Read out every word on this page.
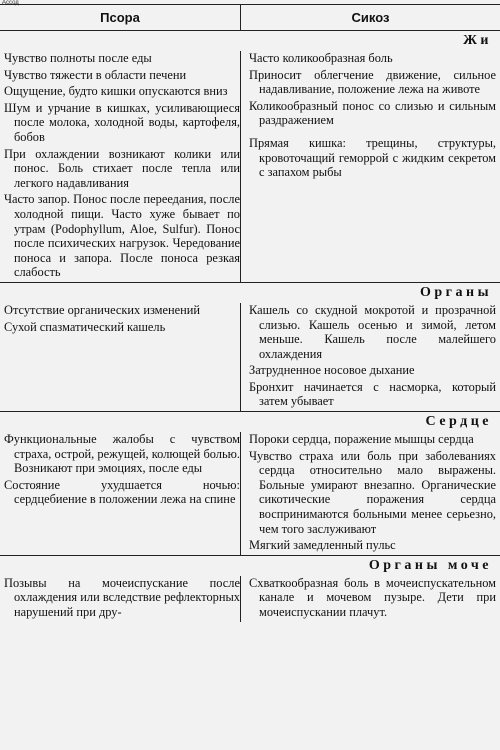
Ассод
Псора	Сикоз
Жи

Чувство полноты после еды

Чувство тяжести в области печени

Ощущение, будто кишки опускаются вниз

Шум и урчание в кишках, усиливающиеся после молока, холодной воды, картофеля, бобов

При охлаждении возникают колики или понос. Боль стихает после тепла или легкого надавливания

Часто запор. Понос после переедания, после холодной пищи. Часто хуже бывает по утрам (Podophyllum, Aloe, Sulfur). Понос после психических нагрузок. Чередование поноса и запора. После поноса резкая слабость

Часто коликообразная боль

Приносит облегчение движение, сильное надавливание, положение лежа на животе

Коликообразный понос со слизью и сильным раздражением

Прямая кишка: трещины, структуры, кровоточащий геморрой с жидким секретом с запахом рыбы

Органы

Отсутствие органических изменений

Сухой спазматический кашель

Кашель со скудной мокротой и прозрачной слизью. Кашель осенью и зимой, летом меньше. Кашель после малейшего охлаждения

Затрудненное носовое дыхание

Бронхит начинается с насморка, который затем убывает

Сердце

Функциональные жалобы с чувством страха, острой, режущей, колющей болью. Возникают при эмоциях, после еды

Состояние ухудшается ночью: сердцебиение в положении лежа на спине

Пороки сердца, поражение мышцы сердца

Чувство страха или боль при заболеваниях сердца относительно мало выражены. Больные умирают внезапно. Органические сикотические поражения сердца воспринимаются больными менее серьезно, чем того заслуживают

Мягкий замедленный пульс

Органы моче

Позывы на мочеиспускание после охлаждения или вследствие рефлекторных нарушений при дру-

Схваткообразная боль в мочеиспускательном канале и мочевом пузыре. Дети при мочеиспускании плачут.
